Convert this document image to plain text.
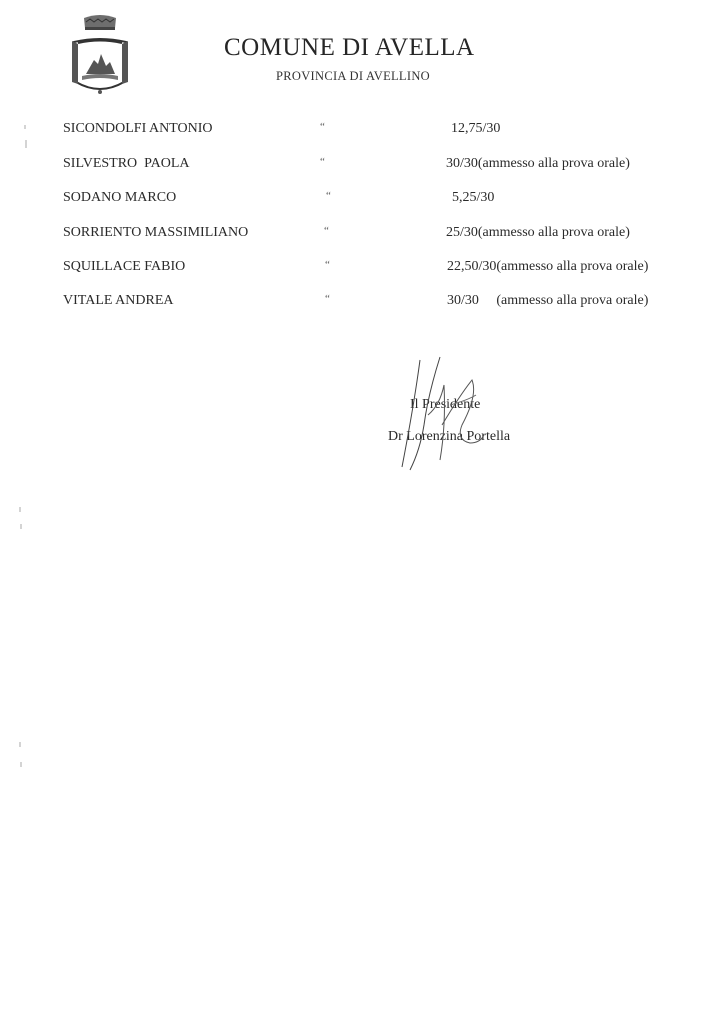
COMUNE DI AVELLA
PROVINCIA DI AVELLINO
SICONDOLFI ANTONIO	“	12,75/30
SILVESTRO  PAOLA	“	30/30(ammesso alla prova orale)
SODANO MARCO	“	5,25/30
SORRIENTO MASSIMILIANO	“	25/30(ammesso alla prova orale)
SQUILLACE FABIO	“	22,50/30(ammesso alla prova orale)
VITALE ANDREA	“	30/30     (ammesso alla prova orale)
Il Presidente
Dr Lorenzina Portella
